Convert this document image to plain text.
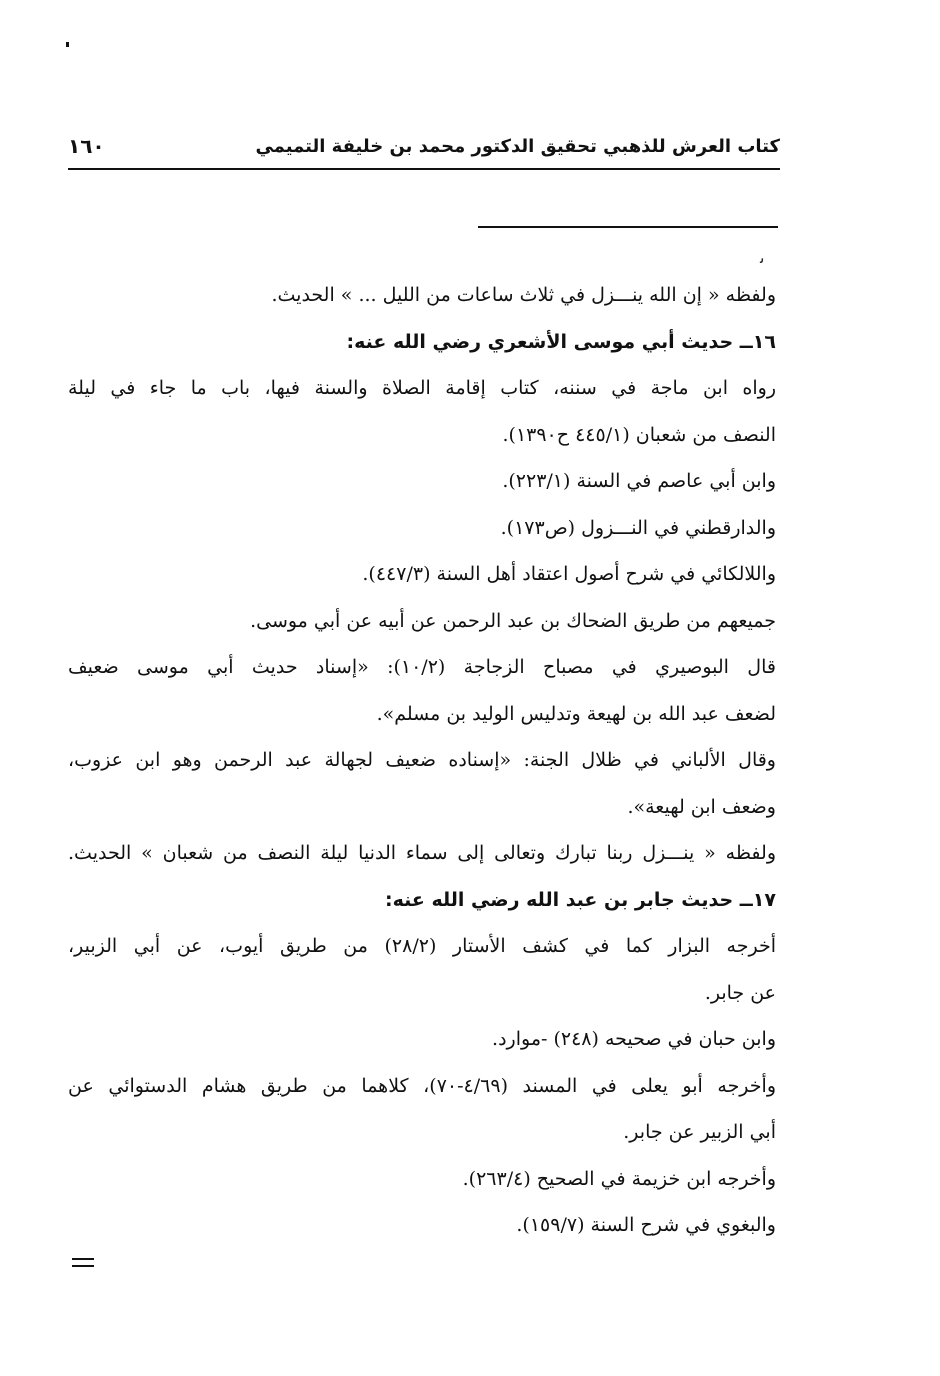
كتاب العرش للذهبي تحقيق الدكتور محمد بن خليفة التميمي
١٦٠
ﯨ
ولفظه « إن الله ينـــزل في ثلاث ساعات من الليل ... » الحديث.
١٦ــ حديث أبي موسى الأشعري رضي الله عنه:
رواه ابن ماجة في سننه، كتاب إقامة الصلاة والسنة فيها، باب ما جاء في ليلة
النصف من شعبان (٤٤٥/١ ح١٣٩٠).
وابن أبي عاصم في السنة (٢٢٣/١).
والدارقطني في النـــزول (ص١٧٣).
واللالكائي في شرح أصول اعتقاد أهل السنة (٤٤٧/٣).
جميعهم من طريق الضحاك بن عبد الرحمن عن أبيه عن أبي موسى.
قال البوصيري في مصباح الزجاجة (١٠/٢): «إسناد حديث أبي موسى ضعيف
لضعف عبد الله بن لهيعة وتدليس الوليد بن مسلم».
وقال الألباني في ظلال الجنة: «إسناده ضعيف لجهالة عبد الرحمن وهو ابن عزوب،
وضعف ابن لهيعة».
ولفظه « ينـــزل ربنا تبارك وتعالى إلى سماء الدنيا ليلة النصف من شعبان » الحديث.
١٧ــ حديث جابر بن عبد الله رضي الله عنه:
أخرجه البزار كما في كشف الأستار (٢٨/٢) من طريق أيوب، عن أبي الزبير،
عن جابر.
وابن حبان في صحيحه (٢٤٨) -موارد.
وأخرجه أبو يعلى في المسند (٤/٦٩-٧٠)، كلاهما من طريق هشام الدستوائي عن
أبي الزبير عن جابر.
وأخرجه ابن خزيمة في الصحيح (٢٦٣/٤).
والبغوي في شرح السنة (١٥٩/٧).
